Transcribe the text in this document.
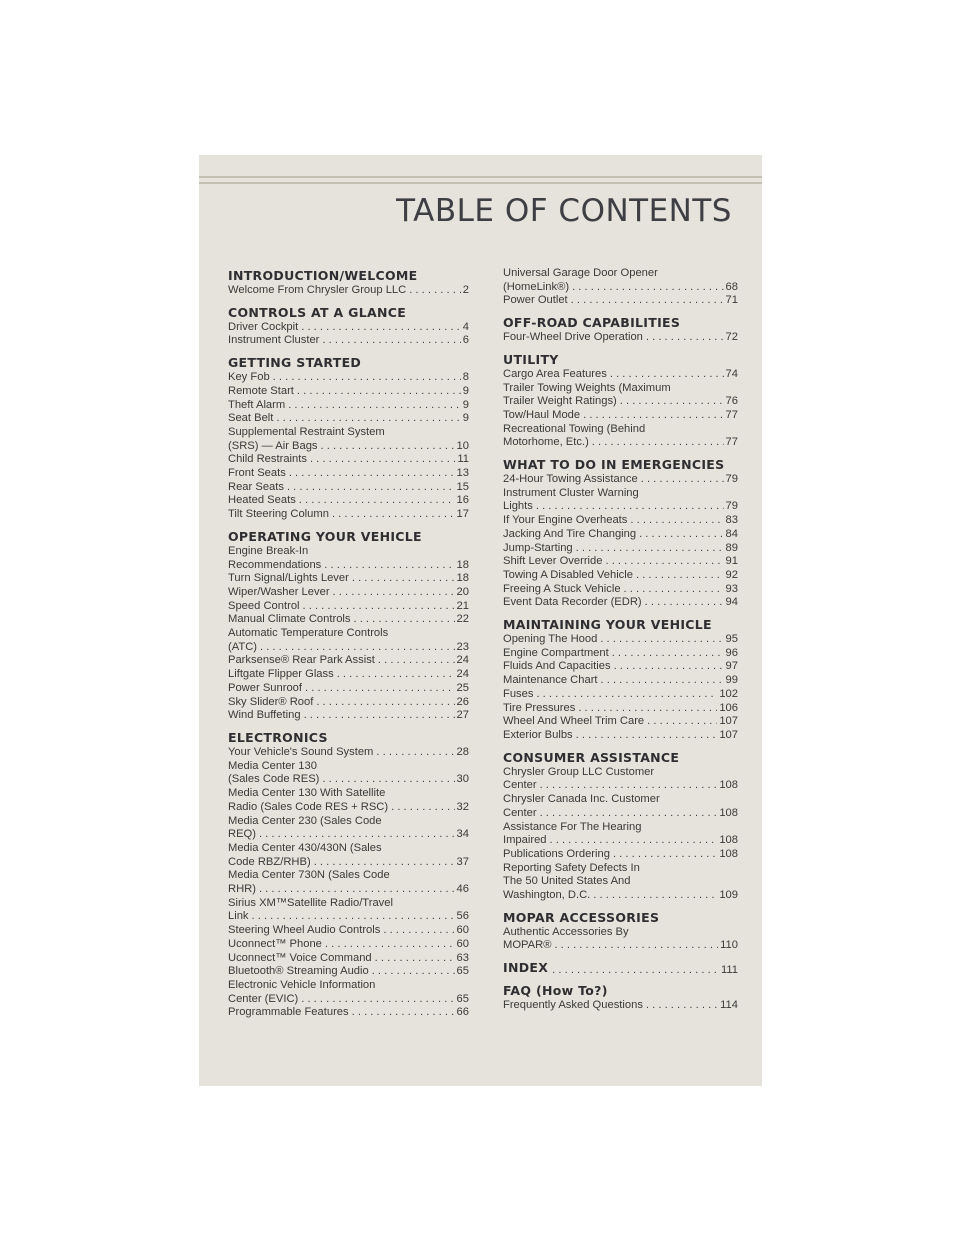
TABLE OF CONTENTS
INTRODUCTION/WELCOME
Welcome From Chrysler Group LLC . . .	2
CONTROLS AT A GLANCE
Driver Cockpit . . .	4
Instrument Cluster . . .	6
GETTING STARTED
Key Fob . . .	8
Remote Start . . .	9
Theft Alarm . . .	9
Seat Belt . . .	9
Supplemental Restraint System
(SRS) — Air Bags . . .	10
Child Restraints . . .	11
Front Seats . . .	13
Rear Seats . . .	15
Heated Seats . . .	16
Tilt Steering Column . . .	17
OPERATING YOUR VEHICLE
Engine Break-In
Recommendations . . .	18
Turn Signal/Lights Lever . . .	18
Wiper/Washer Lever . . .	20
Speed Control . . .	21
Manual Climate Controls . . .	22
Automatic Temperature Controls
(ATC) . . .	23
Parksense® Rear Park Assist . . .	24
Liftgate Flipper Glass . . .	24
Power Sunroof . . .	25
Sky Slider® Roof . . .	26
Wind Buffeting . . .	27
ELECTRONICS
Your Vehicle's Sound System . . .	28
Media Center 130
(Sales Code RES) . . .	30
Media Center 130 With Satellite
Radio (Sales Code RES + RSC) . . .	32
Media Center 230 (Sales Code
REQ) . . .	34
Media Center 430/430N (Sales
Code RBZ/RHB) . . .	37
Media Center 730N (Sales Code
RHR) . . .	46
Sirius XM™Satellite Radio/Travel
Link . . .	56
Steering Wheel Audio Controls . . .	60
Uconnect™ Phone . . .	60
Uconnect™ Voice Command . . .	63
Bluetooth® Streaming Audio . . .	65
Electronic Vehicle Information
Center (EVIC) . . .	65
Programmable Features . . .	66
Universal Garage Door Opener
(HomeLink®) . . .	68
Power Outlet . . .	71
OFF-ROAD CAPABILITIES
Four-Wheel Drive Operation . . .	72
UTILITY
Cargo Area Features . . .	74
Trailer Towing Weights (Maximum
Trailer Weight Ratings) . . .	76
Tow/Haul Mode . . .	77
Recreational Towing (Behind
Motorhome, Etc.) . . .	77
WHAT TO DO IN EMERGENCIES
24-Hour Towing Assistance . . .	79
Instrument Cluster Warning
Lights . . .	79
If Your Engine Overheats . . .	83
Jacking And Tire Changing . . .	84
Jump-Starting . . .	89
Shift Lever Override . . .	91
Towing A Disabled Vehicle . . .	92
Freeing A Stuck Vehicle . . .	93
Event Data Recorder (EDR) . . .	94
MAINTAINING YOUR VEHICLE
Opening The Hood . . .	95
Engine Compartment . . .	96
Fluids And Capacities . . .	97
Maintenance Chart . . .	99
Fuses . . .	102
Tire Pressures . . .	106
Wheel And Wheel Trim Care . . .	107
Exterior Bulbs . . .	107
CONSUMER ASSISTANCE
Chrysler Group LLC Customer
Center . . .	108
Chrysler Canada Inc. Customer
Center . . .	108
Assistance For The Hearing
Impaired . . .	108
Publications Ordering . . .	108
Reporting Safety Defects In
The 50 United States And
Washington, D.C. . . .	109
MOPAR ACCESSORIES
Authentic Accessories By
MOPAR® . . .	110
INDEX . . .	111
FAQ (How To?)
Frequently Asked Questions . . .	114
